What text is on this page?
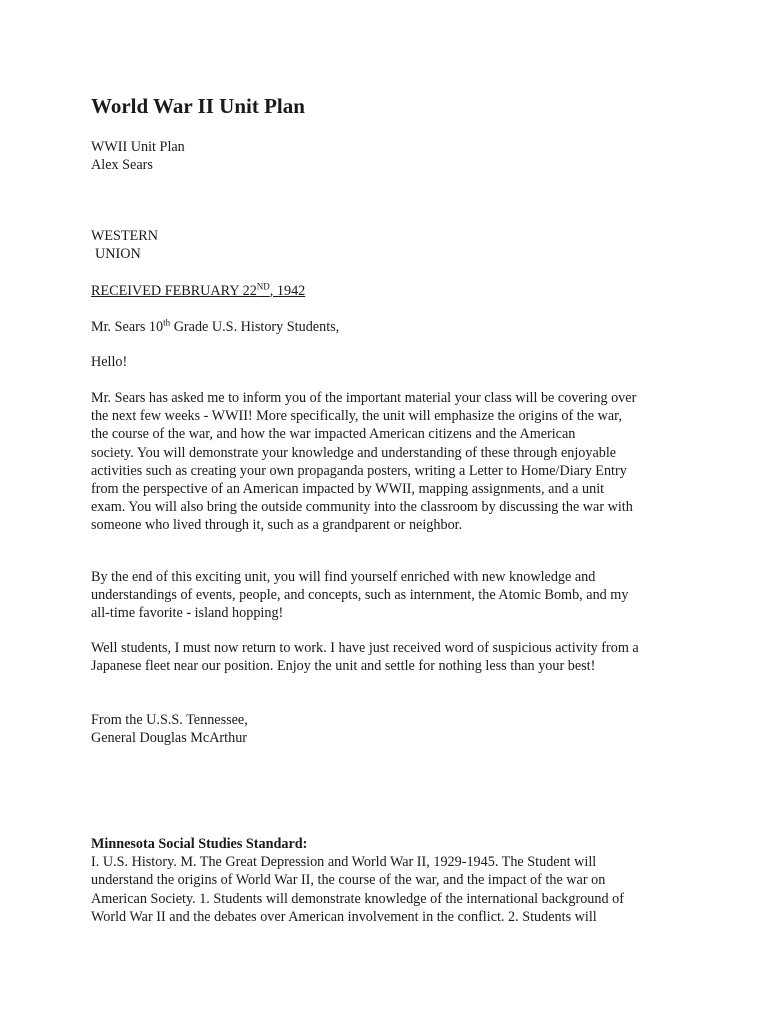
World War II Unit Plan
WWII Unit Plan
Alex Sears
WESTERN
UNION
RECEIVED FEBRUARY 22ND, 1942
Mr. Sears 10th Grade U.S. History Students,
Hello!
Mr. Sears has asked me to inform you of the important material your class will be covering over
the next few weeks - WWII! More specifically, the unit will emphasize the origins of the war,
the course of the war, and how the war impacted American citizens and the American
society. You will demonstrate your knowledge and understanding of these through enjoyable
activities such as creating your own propaganda posters, writing a Letter to Home/Diary Entry
from the perspective of an American impacted by WWII, mapping assignments, and a unit
exam. You will also bring the outside community into the classroom by discussing the war with
someone who lived through it, such as a grandparent or neighbor.
By the end of this exciting unit, you will find yourself enriched with new knowledge and
understandings of events, people, and concepts, such as internment, the Atomic Bomb, and my
all-time favorite - island hopping!
Well students, I must now return to work. I have just received word of suspicious activity from a
Japanese fleet near our position. Enjoy the unit and settle for nothing less than your best!
From the U.S.S. Tennessee,
General Douglas McArthur
Minnesota Social Studies Standard:
I. U.S. History. M. The Great Depression and World War II, 1929-1945. The Student will
understand the origins of World War II, the course of the war, and the impact of the war on
American Society. 1. Students will demonstrate knowledge of the international background of
World War II and the debates over American involvement in the conflict. 2. Students will
